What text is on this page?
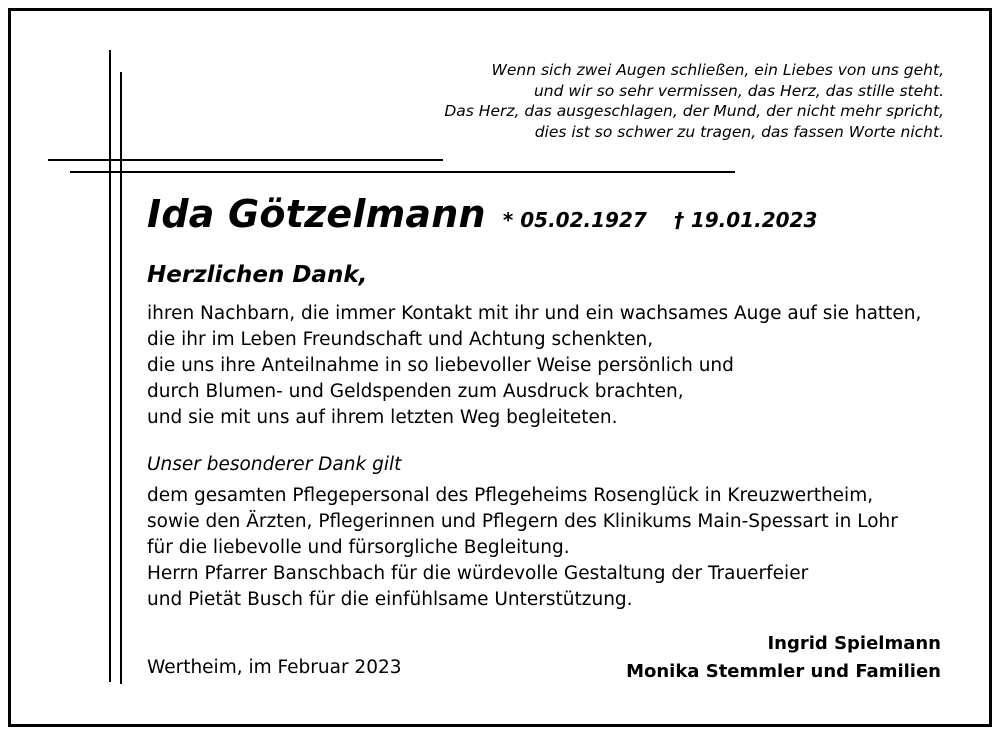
Wenn sich zwei Augen schließen, ein Liebes von uns geht,
und wir so sehr vermissen, das Herz, das stille steht.
Das Herz, das ausgeschlagen, der Mund, der nicht mehr spricht,
dies ist so schwer zu tragen, das fassen Worte nicht.
Ida Götzelmann * 05.02.1927 † 19.01.2023
Herzlichen Dank,
ihren Nachbarn, die immer Kontakt mit ihr und ein wachsames Auge auf sie hatten,
die ihr im Leben Freundschaft und Achtung schenkten,
die uns ihre Anteilnahme in so liebevoller Weise persönlich und
durch Blumen- und Geldspenden zum Ausdruck brachten,
und sie mit uns auf ihrem letzten Weg begleiteten.
Unser besonderer Dank gilt
dem gesamten Pflegepersonal des Pflegeheims Rosenglück in Kreuzwertheim,
sowie den Ärzten, Pflegerinnen und Pflegern des Klinikums Main-Spessart in Lohr
für die liebevolle und fürsorgliche Begleitung.
Herrn Pfarrer Banschbach für die würdevolle Gestaltung der Trauerfeier
und Pietät Busch für die einfühlsame Unterstützung.
Wertheim, im Februar 2023
Ingrid Spielmann
Monika Stemmler und Familien
